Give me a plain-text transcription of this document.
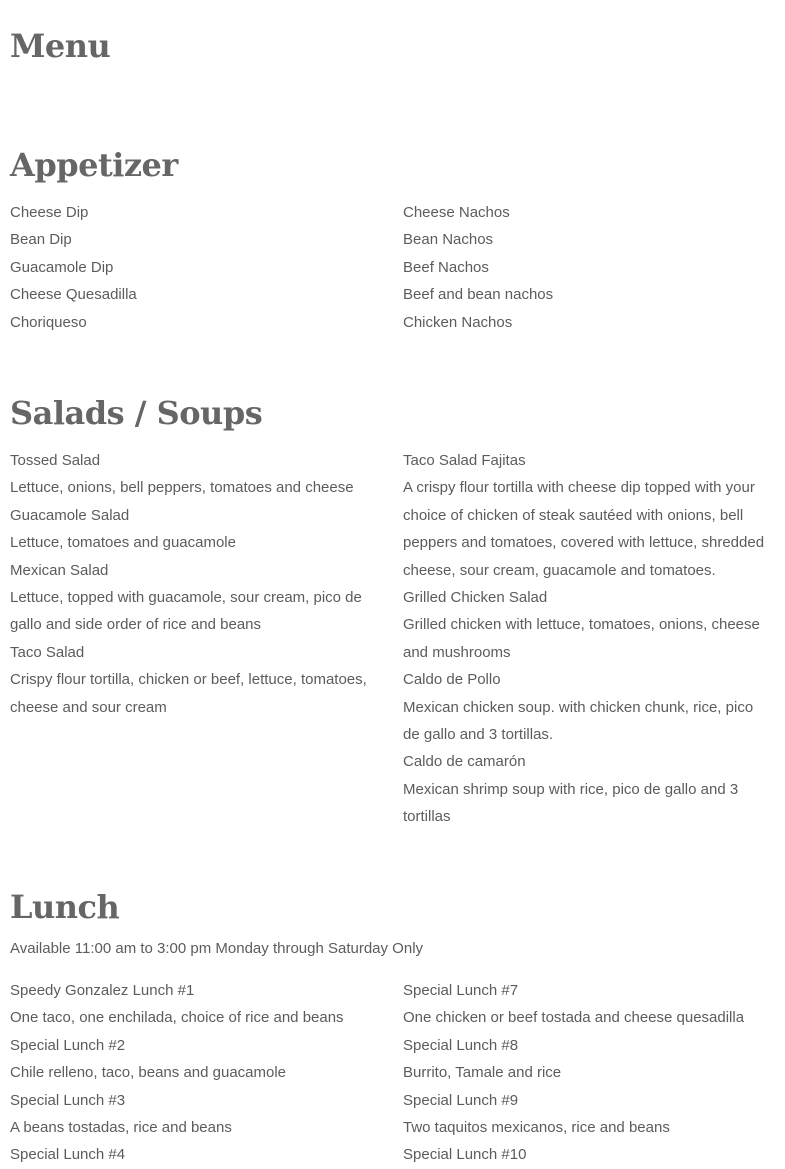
Menu
Appetizer
Cheese Dip
Bean Dip
Guacamole Dip
Cheese Quesadilla
Choriqueso
Cheese Nachos
Bean Nachos
Beef Nachos
Beef and bean nachos
Chicken Nachos
Salads / Soups
Tossed Salad
Lettuce, onions, bell peppers, tomatoes and cheese
Guacamole Salad
Lettuce, tomatoes and guacamole
Mexican Salad
Lettuce, topped with guacamole, sour cream, pico de gallo and side order of rice and beans
Taco Salad
Crispy flour tortilla, chicken or beef, lettuce, tomatoes, cheese and sour cream
Taco Salad Fajitas
A crispy flour tortilla with cheese dip topped with your choice of chicken of steak sautéed with onions, bell peppers and tomatoes, covered with lettuce, shredded cheese, sour cream, guacamole and tomatoes.
Grilled Chicken Salad
Grilled chicken with lettuce, tomatoes, onions, cheese and mushrooms
Caldo de Pollo
Mexican chicken soup. with chicken chunk, rice, pico de gallo and 3 tortillas.
Caldo de camarón
Mexican shrimp soup with rice, pico de gallo and 3 tortillas
Lunch
Available 11:00 am to 3:00 pm Monday through Saturday Only
Speedy Gonzalez Lunch #1
One taco, one enchilada, choice of rice and beans
Special Lunch #2
Chile relleno, taco, beans and guacamole
Special Lunch #3
A beans tostadas, rice and beans
Special Lunch #4
Special Lunch #7
One chicken or beef tostada and cheese quesadilla
Special Lunch #8
Burrito, Tamale and rice
Special Lunch #9
Two taquitos mexicanos, rice and beans
Special Lunch #10
